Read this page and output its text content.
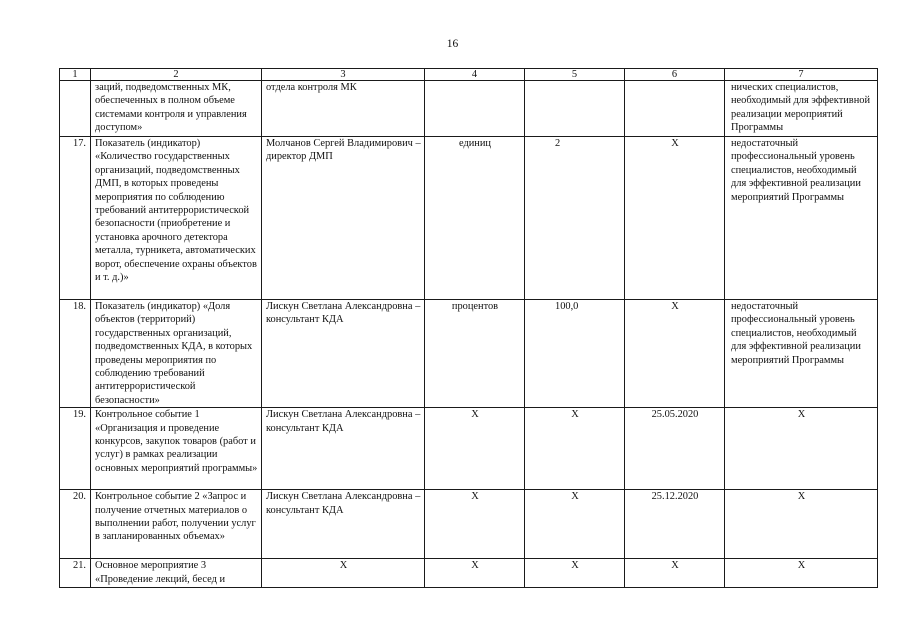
16
1	2	3	4	5	6	7
	заций, подведомственных МК, обеспеченных в полном объеме системами контроля и управления доступом»	отдела контроля МК				нических специалистов, необходимый для эффективной реализации мероприятий Программы
17.	Показатель (индикатор) «Количество государственных организаций, подведомственных ДМП, в которых проведены мероприятия по соблюдению требований антитеррористической безопасности (приобретение и установка арочного детектора металла, турникета, автоматических ворот, обеспечение охраны объектов и т. д.)»	Молчанов Сергей Владимирович – директор ДМП	единиц	2	Х	недостаточный профессиональный уровень специалистов, необходимый для эффективной реализации мероприятий Программы
18.	Показатель (индикатор) «Доля объектов (территорий) государственных организаций, подведомственных КДА, в которых проведены мероприятия по соблюдению требований антитеррористической безопасности»	Лискун Светлана Александровна – консультант КДА	процентов	100,0	Х	недостаточный профессиональный уровень специалистов, необходимый для эффективной реализации мероприятий Программы
19.	Контрольное событие 1 «Организация и проведение конкурсов, закупок товаров (работ и услуг) в рамках реализации основных мероприятий программы»	Лискун Светлана Александровна – консультант КДА	Х	Х	25.05.2020	Х
20.	Контрольное событие 2 «Запрос и получение отчетных материалов о выполнении работ, получении услуг в запланированных объемах»	Лискун Светлана Александровна – консультант КДА	Х	Х	25.12.2020	Х
21.	Основное мероприятие 3 «Проведение лекций, бесед и	Х	Х	Х	Х	Х
